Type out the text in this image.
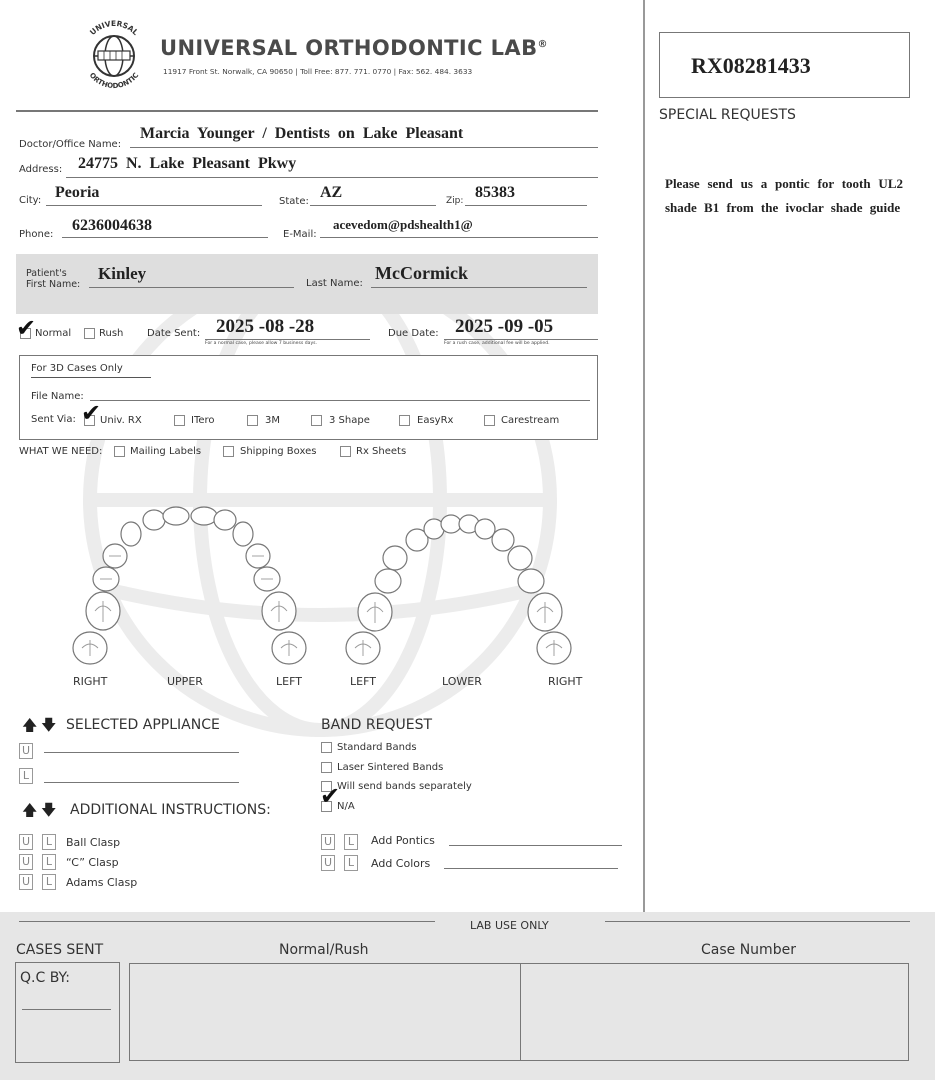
UNIVERSAL
ORTHODONTIC
UNIVERSAL ORTHODONTIC LAB®
11917 Front St. Norwalk, CA 90650 | Toll Free: 877. 771. 0770 | Fax: 562. 484. 3633	RX08281433
SPECIAL REQUESTS
Please send us a pontic for tooth UL2 shade B1 from the ivoclar shade guide
Doctor/Office Name:
Marcia Younger / Dentists on Lake Pleasant
Address: 24775 N. Lake Pleasant Pkwy
City: Peoria
State:
AZ	Zip: 85383
Phone:
6236004638
E-Mail:
acevedom@pdshealth1@
Patient's
First Name:
Kinley
Last Name:
McCormick
✔
Normal	Rush Date Sent: 2025 -08 -28
For a normal case, please allow 7 business days.
Due Date: 2025 -09 -05
For a rush case, additional fee will be applied.
For 3D Cases Only
File Name:
Sent Via: ✔
Univ. RX	ITero	3M	3 Shape	EasyRx	Carestream
WHAT WE NEED:	Mailing Labels	Shipping Boxes	Rx Sheets
RIGHT	UPPER	LEFT	LEFT	LOWER	RIGHT
🡅 🡇 SELECTED APPLIANCE
U
L
BAND REQUEST
Standard Bands
Laser Sintered Bands
Will send bands separately
N/A
✔
🡅 🡇 ADDITIONAL INSTRUCTIONS:
U	L	Ball Clasp
U	L	“C” Clasp
U	L	Adams Clasp
U	L	Add Pontics
U	L	Add Colors
LAB USE ONLY
CASES SENT	Normal/Rush	Case Number
Q.C BY:
